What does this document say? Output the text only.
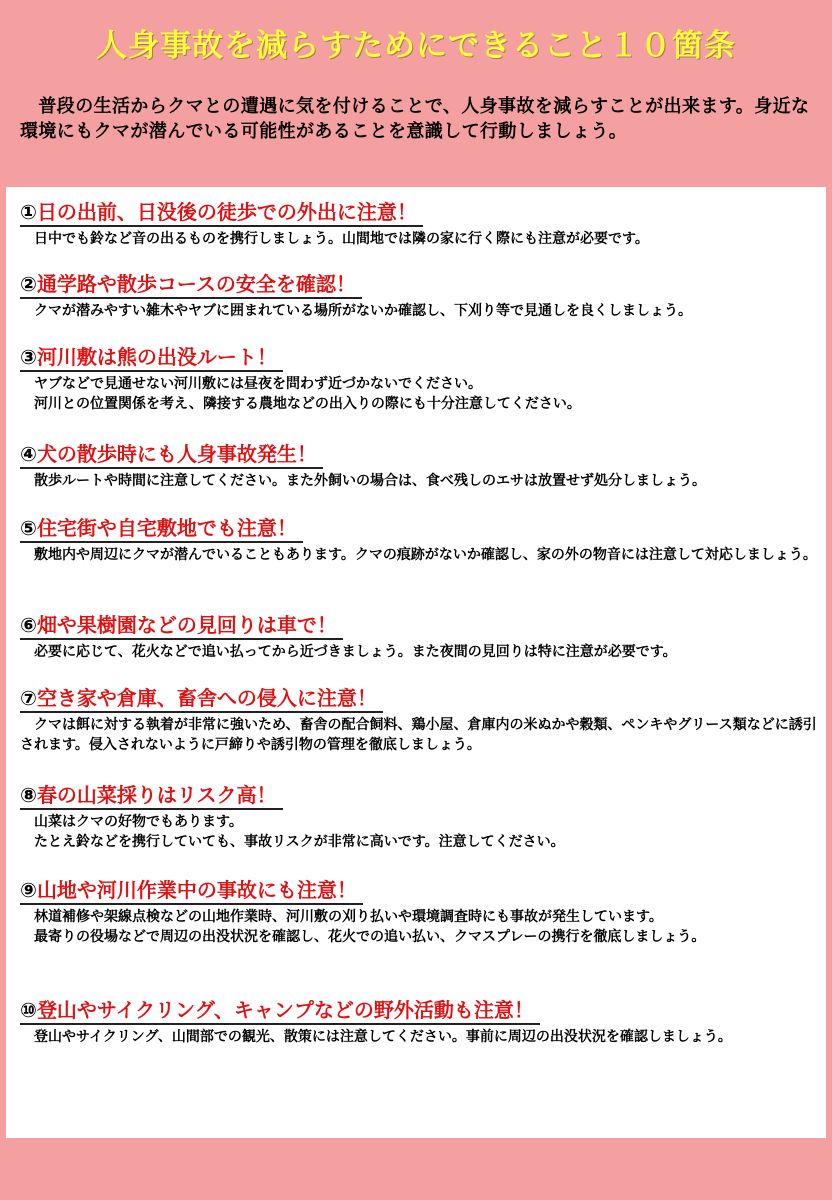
人身事故を減らすためにできること１０箇条
　普段の生活からクマとの遭遇に気を付けることで、人身事故を減らすことが出来ます。身近な環境にもクマが潜んでいる可能性があることを意識して行動しましょう。
①日の出前、日没後の徒歩での外出に注意！
　日中でも鈴など音の出るものを携行しましょう。山間地では隣の家に行く際にも注意が必要です。
②通学路や散歩コースの安全を確認！
　クマが潜みやすい雑木やヤブに囲まれている場所がないか確認し、下刈り等で見通しを良くしましょう。
③河川敷は熊の出没ルート！
　ヤブなどで見通せない河川敷には昼夜を問わず近づかないでください。
　河川との位置関係を考え、隣接する農地などの出入りの際にも十分注意してください。
④犬の散歩時にも人身事故発生！
　散歩ルートや時間に注意してください。また外飼いの場合は、食べ残しのエサは放置せず処分しましょう。
⑤住宅街や自宅敷地でも注意！
　敷地内や周辺にクマが潜んでいることもあります。クマの痕跡がないか確認し、家の外の物音には注意して対応しましょう。
⑥畑や果樹園などの見回りは車で！
　必要に応じて、花火などで追い払ってから近づきましょう。また夜間の見回りは特に注意が必要です。
⑦空き家や倉庫、畜舎への侵入に注意！
　クマは餌に対する執着が非常に強いため、畜舎の配合飼料、鶏小屋、倉庫内の米ぬかや穀類、ペンキやグリース類などに誘引されます。侵入されないように戸締りや誘引物の管理を徹底しましょう。
⑧春の山菜採りはリスク高！
　山菜はクマの好物でもあります。
　たとえ鈴などを携行していても、事故リスクが非常に高いです。注意してください。
⑨山地や河川作業中の事故にも注意！
　林道補修や架線点検などの山地作業時、河川敷の刈り払いや環境調査時にも事故が発生しています。
　最寄りの役場などで周辺の出没状況を確認し、花火での追い払い、クマスプレーの携行を徹底しましょう。
⑩登山やサイクリング、キャンプなどの野外活動も注意！
　登山やサイクリング、山間部での観光、散策には注意してください。事前に周辺の出没状況を確認しましょう。
